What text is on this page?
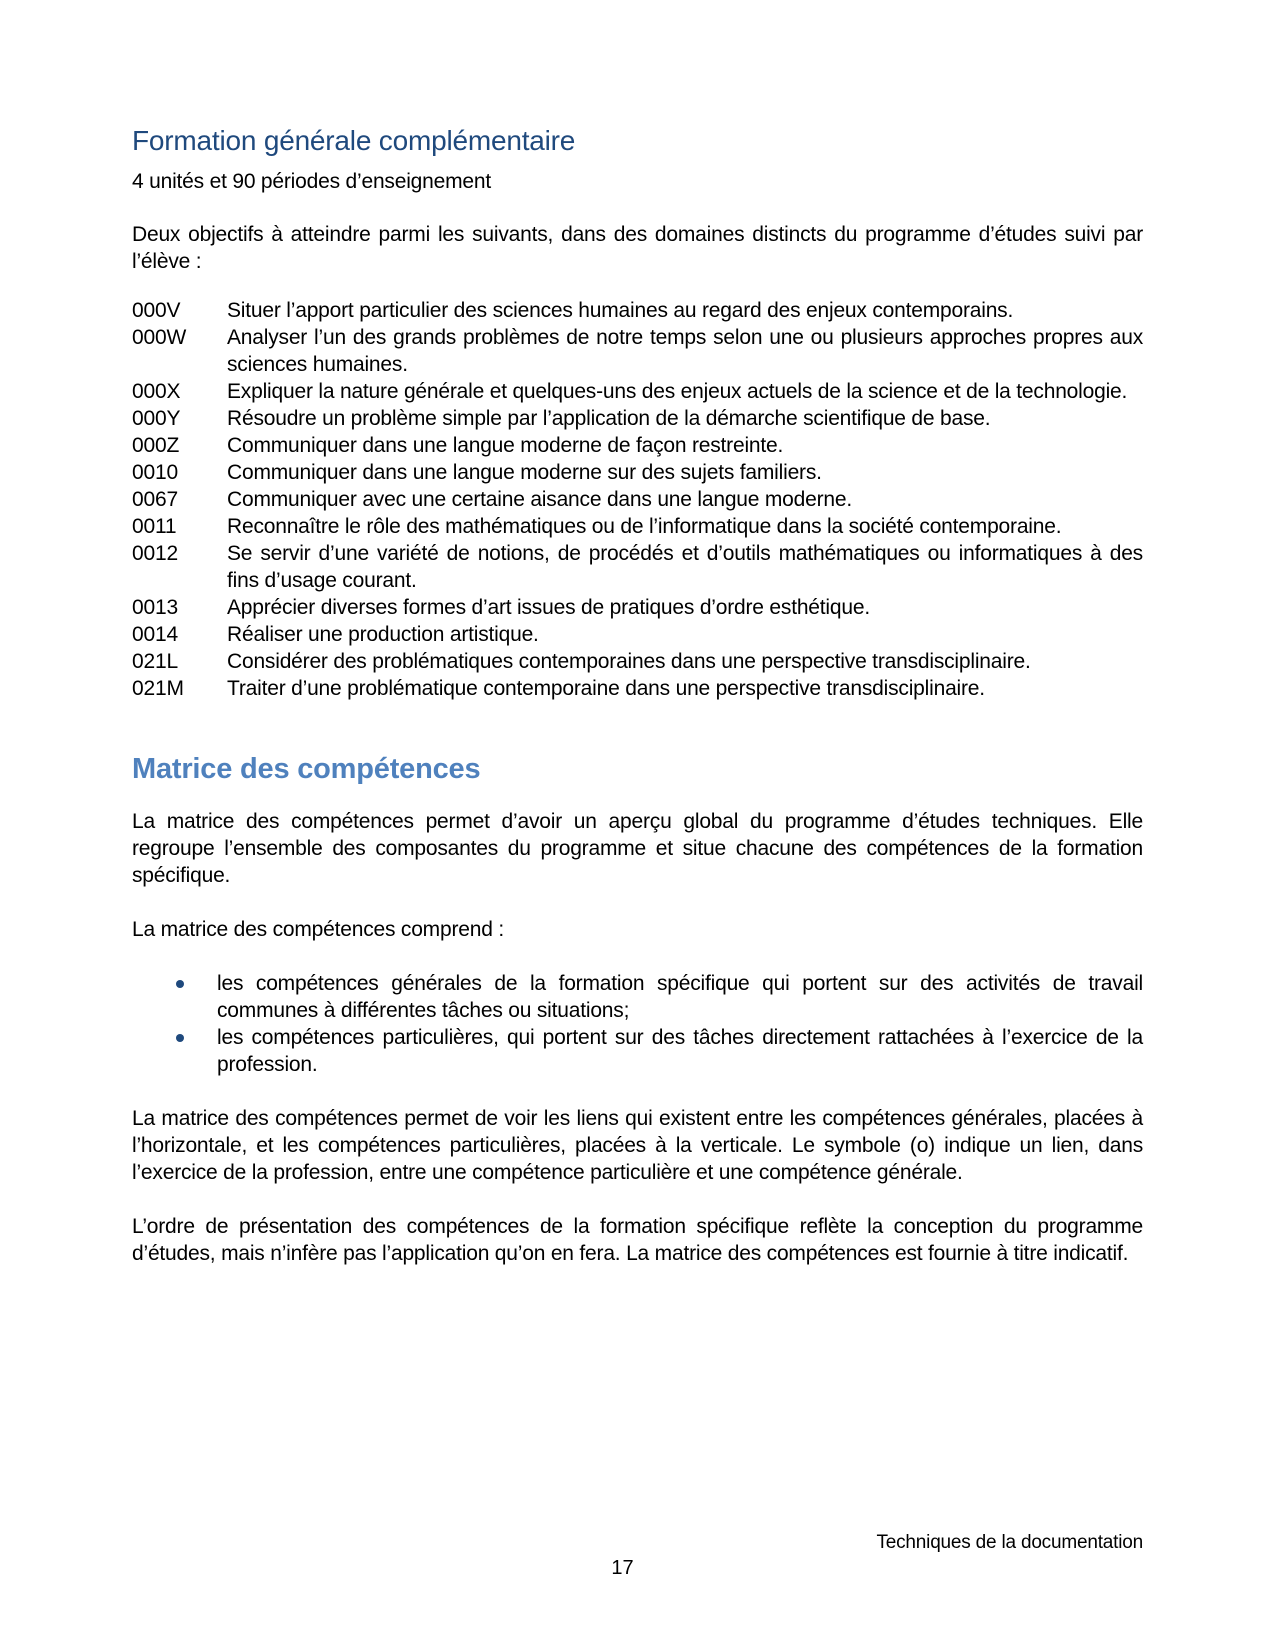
Formation générale complémentaire
4 unités et 90 périodes d’enseignement

Deux objectifs à atteindre parmi les suivants, dans des domaines distincts du programme d’études suivi par l’élève :

000V	Situer l’apport particulier des sciences humaines au regard des enjeux contemporains.
000W	Analyser l’un des grands problèmes de notre temps selon une ou plusieurs approches propres aux sciences humaines.
000X	Expliquer la nature générale et quelques-uns des enjeux actuels de la science et de la technologie.
000Y	Résoudre un problème simple par l’application de la démarche scientifique de base.
000Z	Communiquer dans une langue moderne de façon restreinte.
0010	Communiquer dans une langue moderne sur des sujets familiers.
0067	Communiquer avec une certaine aisance dans une langue moderne.
0011	Reconnaître le rôle des mathématiques ou de l’informatique dans la société contemporaine.
0012	Se servir d’une variété de notions, de procédés et d’outils mathématiques ou informatiques à des fins d’usage courant.
0013	Apprécier diverses formes d’art issues de pratiques d’ordre esthétique.
0014	Réaliser une production artistique.
021L	Considérer des problématiques contemporaines dans une perspective transdisciplinaire.
021M	Traiter d’une problématique contemporaine dans une perspective transdisciplinaire.
Matrice des compétences

La matrice des compétences permet d’avoir un aperçu global du programme d’études techniques. Elle regroupe l’ensemble des composantes du programme et situe chacune des compétences de la formation spécifique.

La matrice des compétences comprend :

les compétences générales de la formation spécifique qui portent sur des activités de travail communes à différentes tâches ou situations;
les compétences particulières, qui portent sur des tâches directement rattachées à l’exercice de la profession.

La matrice des compétences permet de voir les liens qui existent entre les compétences générales, placées à l’horizontale, et les compétences particulières, placées à la verticale. Le symbole (o) indique un lien, dans l’exercice de la profession, entre une compétence particulière et une compétence générale.

L’ordre de présentation des compétences de la formation spécifique reflète la conception du programme d’études, mais n’infère pas l’application qu’on en fera. La matrice des compétences est fournie à titre indicatif.

Techniques de la documentation
17
